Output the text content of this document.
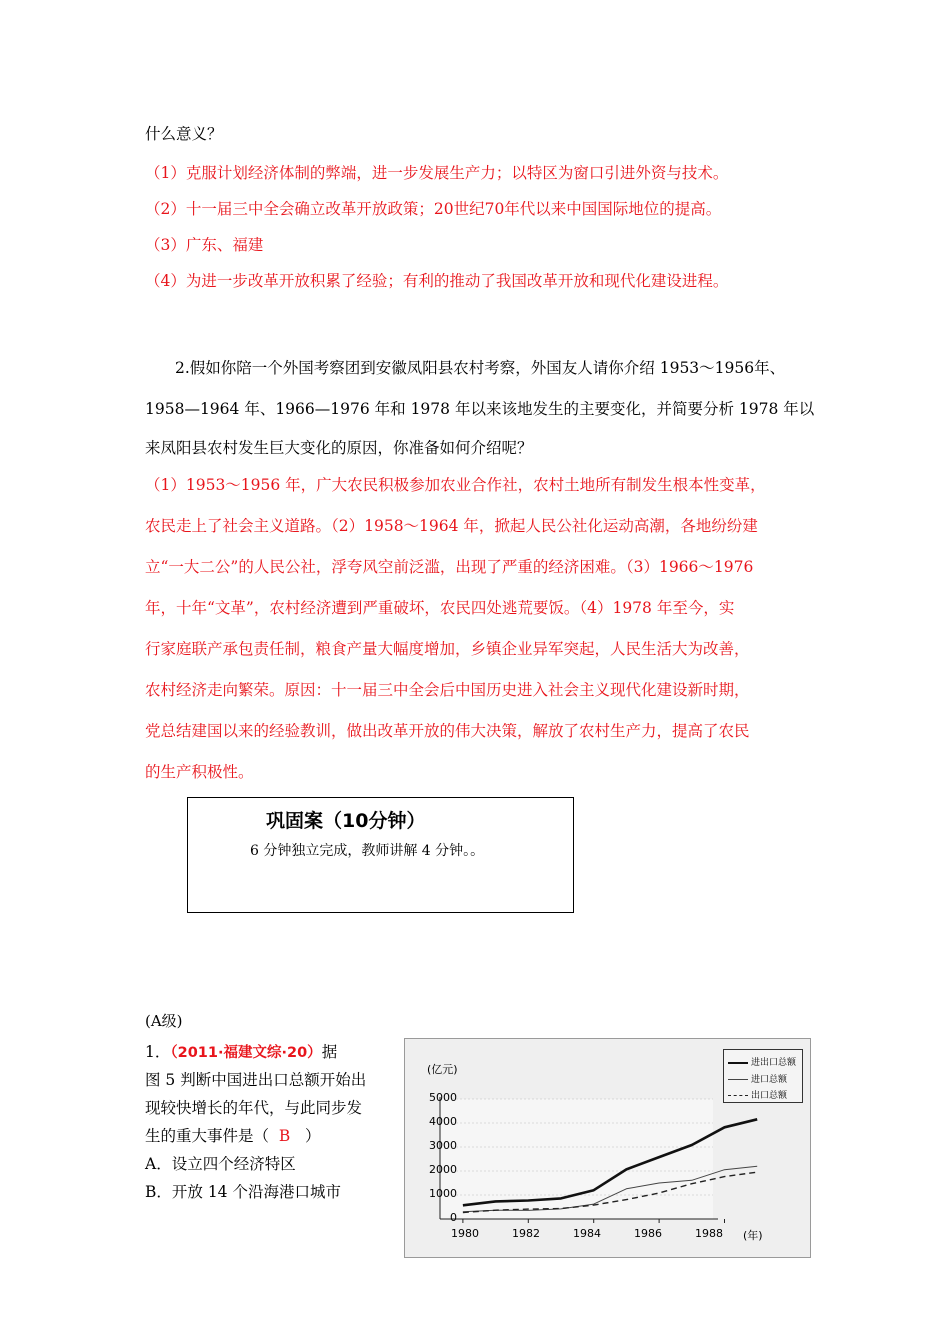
什么意义？
（1）克服计划经济体制的弊端，进一步发展生产力；以特区为窗口引进外资与技术。
（2）十一届三中全会确立改革开放政策；20世纪70年代以来中国国际地位的提高。
（3）广东、福建
（4）为进一步改革开放积累了经验；有利的推动了我国改革开放和现代化建设进程。
2.假如你陪一个外国考察团到安徽凤阳县农村考察，外国友人请你介绍 1953～1956年、
1958—1964 年、1966—1976 年和 1978 年以来该地发生的主要变化，并简要分析 1978 年以
来凤阳县农村发生巨大变化的原因，你准备如何介绍呢？
（1）1953～1956 年，广大农民积极参加农业合作社，农村土地所有制发生根本性变革，
农民走上了社会主义道路。（2）1958～1964 年，掀起人民公社化运动高潮，各地纷纷建
立“一大二公”的人民公社，浮夸风空前泛滥，出现了严重的经济困难。（3）1966～1976
年，十年“文革”，农村经济遭到严重破坏，农民四处逃荒要饭。（4）1978 年至今，实
行家庭联产承包责任制，粮食产量大幅度增加，乡镇企业异军突起，人民生活大为改善，
农村经济走向繁荣。原因：十一届三中全会后中国历史进入社会主义现代化建设新时期，
党总结建国以来的经验教训，做出改革开放的伟大决策，解放了农村生产力，提高了农民
的生产积极性。
巩固案（10分钟）
6 分钟独立完成，教师讲解 4 分钟。。
(A级)
1．（2011·福建文综·20）据
图 5 判断中国进出口总额开始出
现较快增长的年代，与此同步发
生的重大事件是（ B ）
A．设立四个经济特区
B．开放 14 个沿海港口城市
(亿元)
(年)
5000
4000
3000
2000
1000
0
1980	1982	1984	1986	1988
进出口总额
进口总额
出口总额
